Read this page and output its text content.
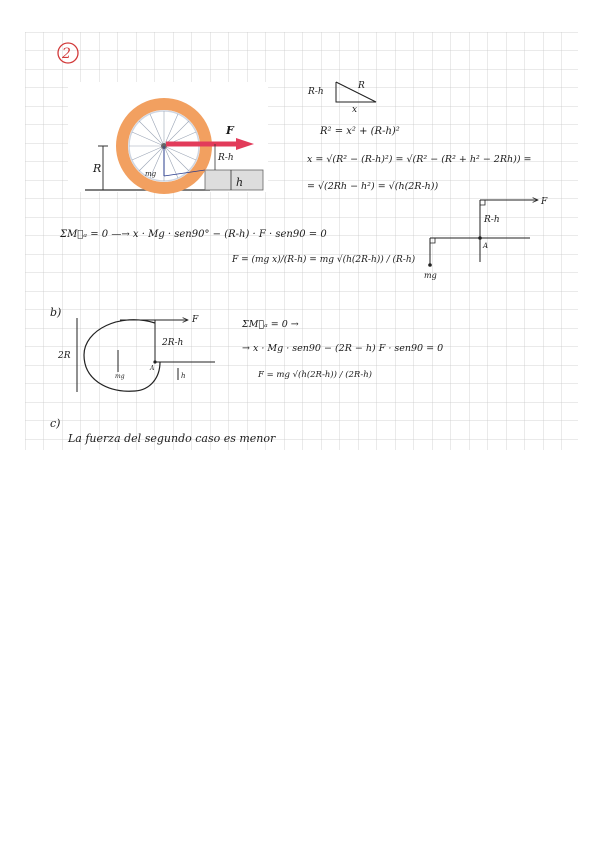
2
F
R
R-h
h
mg
R-h
R
x
R² = x² + (R-h)²
x = √(R² − (R-h)²) = √(R² − (R² + h² − 2Rh)) =
= √(2Rh − h²) = √(h(2R-h))
ΣM⃗ₐ = 0 —→ x · Mg · sen90° − (R-h) · F · sen90 = 0
F = (mg x)/(R-h) = mg √(h(2R-h)) / (R-h)
F
R-h
A
mg
b)
2R
2R-h
F
A
mg	h
ΣM⃗ₐ = 0 →
→ x · Mg · sen90 − (2R − h) F · sen90 = 0
F = mg √(h(2R-h)) / (2R-h)
c)
La fuerza del segundo caso es menor
